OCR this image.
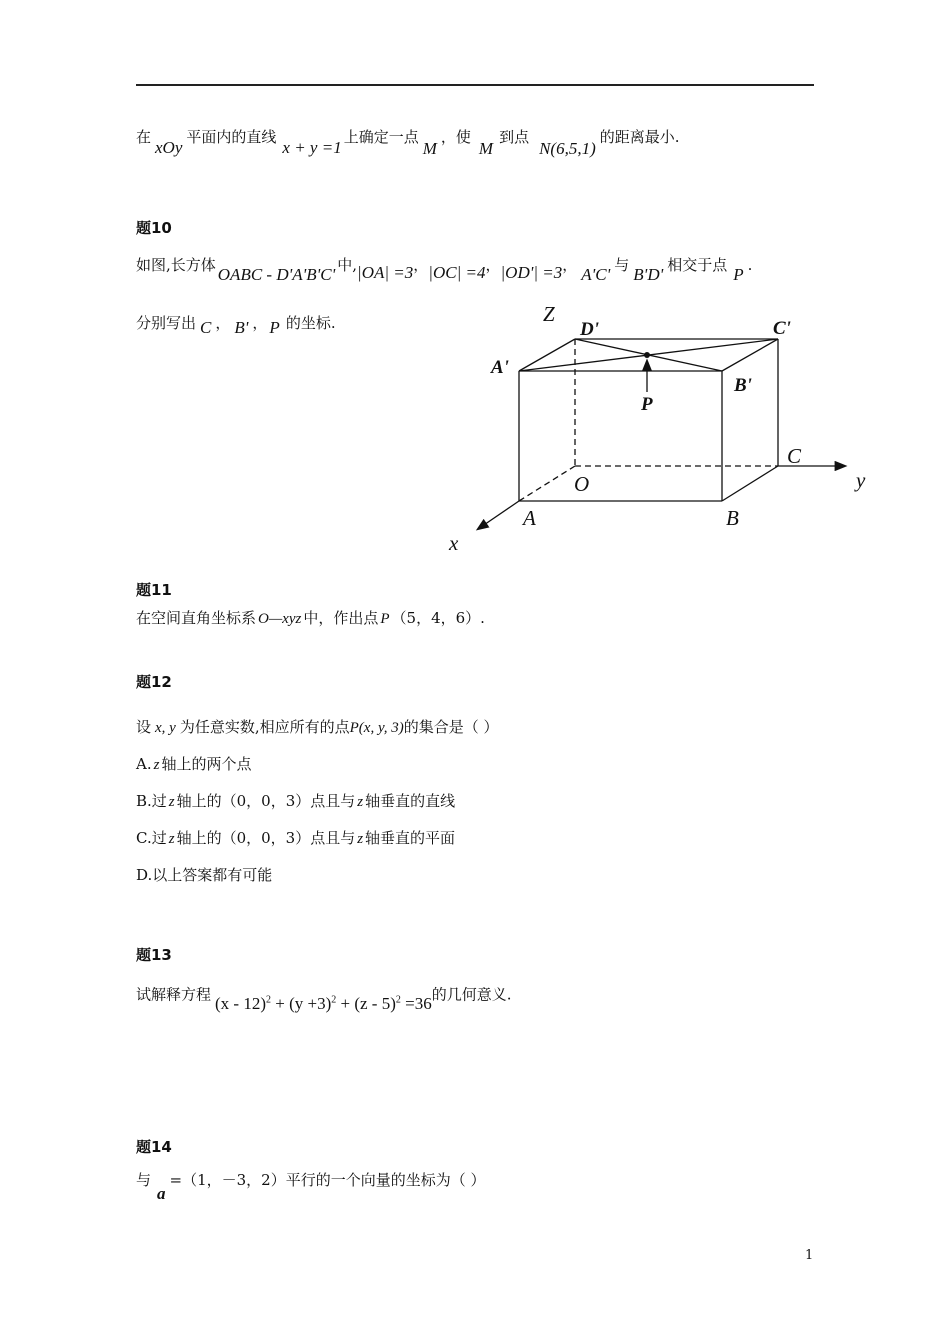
在xOy平面内的直线x + y =1上确定一点M，使M到点N(6,5,1)的距离最小.
题10
如图,长方体 OABC - D'A'B'C' 中,|OA| =3，|OC| =4，|OD'| =3， A'C' 与 B'D' 相交于点 P .
分别写出 C ， B' ， P 的坐标.	Z
y
x
O
A	B
C
D'	C'
A'
B'
P
题11
在空间直角坐标系 O—xyz 中，作出点 P （5，4，6）.
题12
设 x, y 为任意实数,相应所有的点P(x, y, 3)的集合是（ ）
A. z 轴上的两个点
B.过 z 轴上的（0，0，3）点且与 z 轴垂直的直线
C.过 z 轴上的（0，0，3）点且与 z 轴垂直的平面
D.以上答案都有可能
题13
试解释方程 $(x - 12)^2 + (y +3)^2 + (z - 5)^2 =36$的几何意义.
题14
与a=（1，－3，2）平行的一个向量的坐标为（ ）
1
